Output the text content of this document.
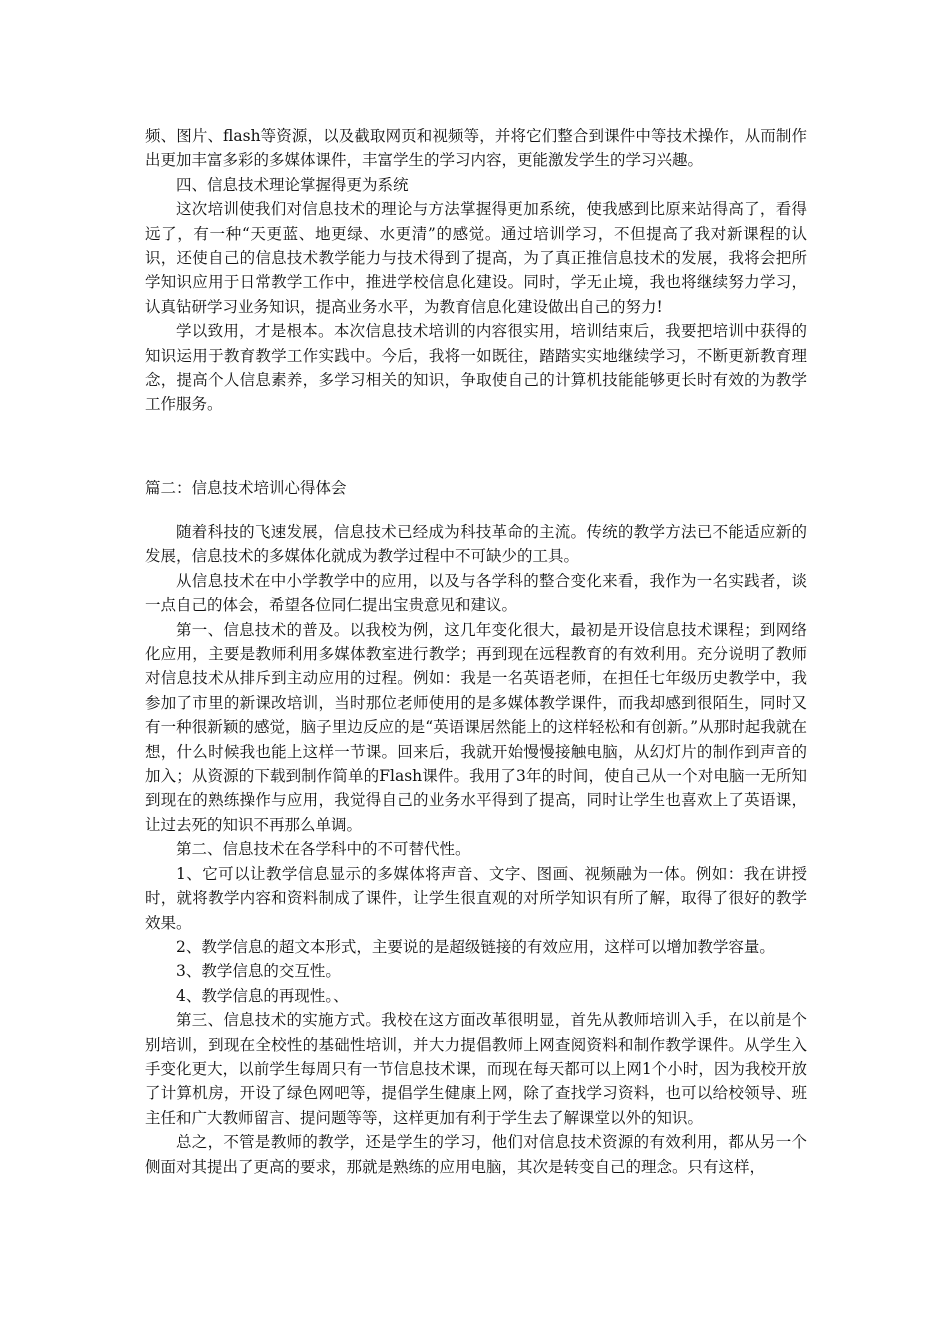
频、图片、flash等资源，以及截取网页和视频等，并将它们整合到课件中等技术操作，从而制作出更加丰富多彩的多媒体课件，丰富学生的学习内容，更能激发学生的学习兴趣。

四、信息技术理论掌握得更为系统

这次培训使我们对信息技术的理论与方法掌握得更加系统，使我感到比原来站得高了，看得远了，有一种“天更蓝、地更绿、水更清”的感觉。通过培训学习，不但提高了我对新课程的认识，还使自己的信息技术教学能力与技术得到了提高，为了真正推信息技术的发展，我将会把所学知识应用于日常教学工作中，推进学校信息化建设。同时，学无止境，我也将继续努力学习，认真钻研学习业务知识，提高业务水平，为教育信息化建设做出自己的努力!

学以致用，才是根本。本次信息技术培训的内容很实用，培训结束后，我要把培训中获得的知识运用于教育教学工作实践中。今后，我将一如既往，踏踏实实地继续学习，不断更新教育理念，提高个人信息素养，多学习相关的知识，争取使自己的计算机技能能够更长时有效的为教学工作服务。

篇二：信息技术培训心得体会

随着科技的飞速发展，信息技术已经成为科技革命的主流。传统的教学方法已不能适应新的发展，信息技术的多媒体化就成为教学过程中不可缺少的工具。

从信息技术在中小学教学中的应用，以及与各学科的整合变化来看，我作为一名实践者，谈一点自己的体会，希望各位同仁提出宝贵意见和建议。

第一、信息技术的普及。以我校为例，这几年变化很大，最初是开设信息技术课程；到网络化应用，主要是教师利用多媒体教室进行教学；再到现在远程教育的有效利用。充分说明了教师对信息技术从排斥到主动应用的过程。例如：我是一名英语老师，在担任七年级历史教学中，我参加了市里的新课改培训，当时那位老师使用的是多媒体教学课件，而我却感到很陌生，同时又有一种很新颖的感觉，脑子里边反应的是“英语课居然能上的这样轻松和有创新。”从那时起我就在想，什么时候我也能上这样一节课。回来后，我就开始慢慢接触电脑，从幻灯片的制作到声音的加入；从资源的下载到制作简单的Flash课件。我用了3年的时间，使自己从一个对电脑一无所知到现在的熟练操作与应用，我觉得自己的业务水平得到了提高，同时让学生也喜欢上了英语课，让过去死的知识不再那么单调。

第二、信息技术在各学科中的不可替代性。

1、它可以让教学信息显示的多媒体将声音、文字、图画、视频融为一体。例如：我在讲授时，就将教学内容和资料制成了课件，让学生很直观的对所学知识有所了解，取得了很好的教学效果。

2、教学信息的超文本形式，主要说的是超级链接的有效应用，这样可以增加教学容量。

3、教学信息的交互性。

4、教学信息的再现性。、

第三、信息技术的实施方式。我校在这方面改革很明显，首先从教师培训入手，在以前是个别培训，到现在全校性的基础性培训，并大力提倡教师上网查阅资料和制作教学课件。从学生入手变化更大，以前学生每周只有一节信息技术课，而现在每天都可以上网1个小时，因为我校开放了计算机房，开设了绿色网吧等，提倡学生健康上网，除了查找学习资料，也可以给校领导、班主任和广大教师留言、提问题等等，这样更加有利于学生去了解课堂以外的知识。

总之，不管是教师的教学，还是学生的学习，他们对信息技术资源的有效利用，都从另一个侧面对其提出了更高的要求，那就是熟练的应用电脑，其次是转变自己的理念。只有这样，
